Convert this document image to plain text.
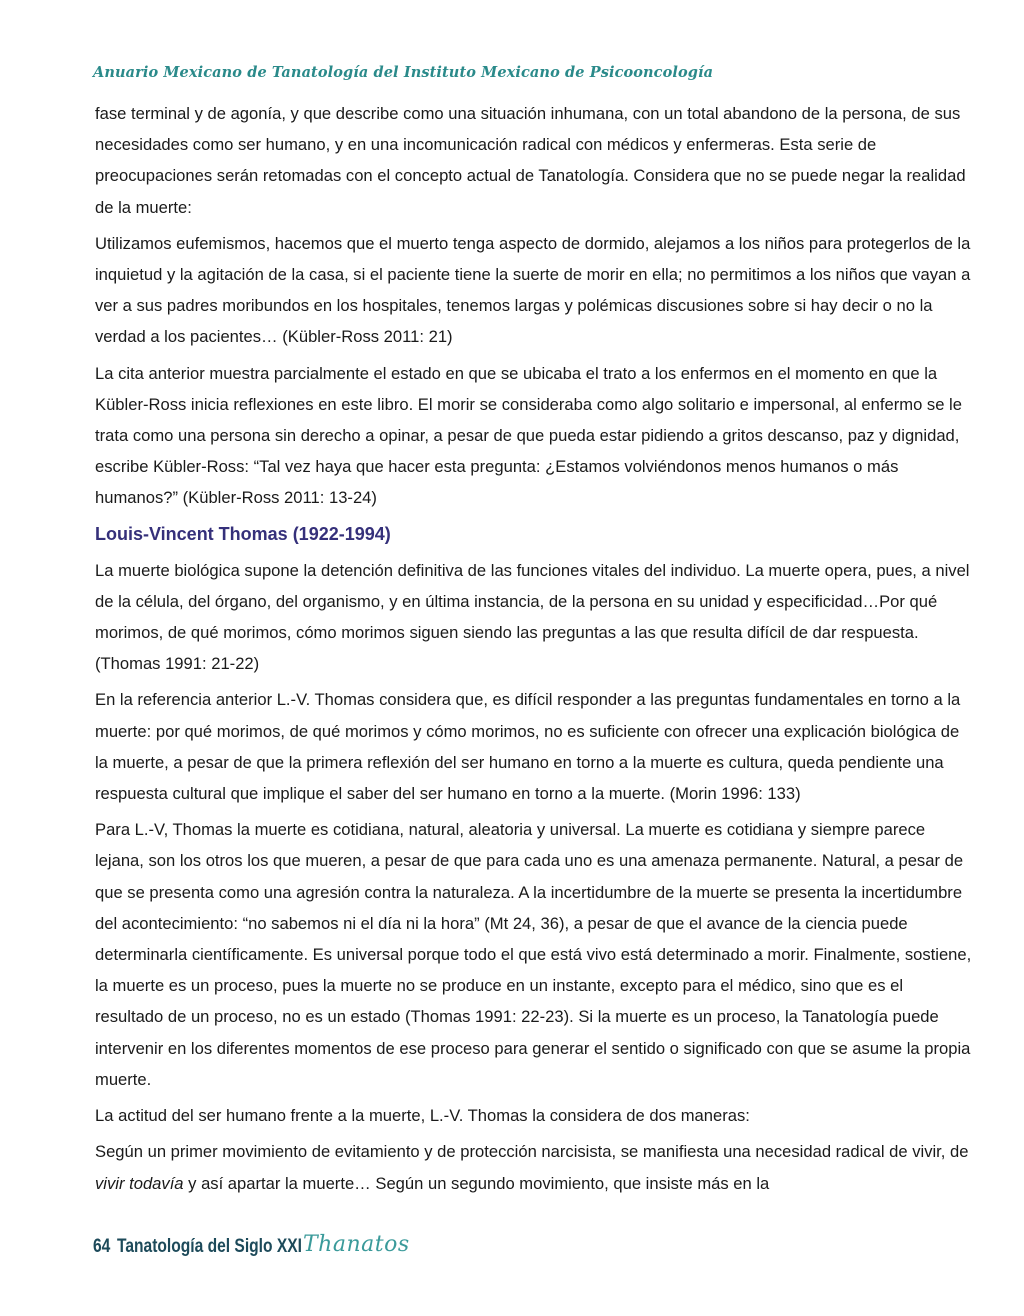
Anuario Mexicano de Tanatología del Instituto Mexicano de Psicooncología

fase terminal y de agonía, y que describe como una situación inhumana, con un total abandono de la persona, de sus necesidades como ser humano, y en una incomunicación radical con médicos y enfermeras. Esta serie de preocupaciones serán retomadas con el concepto actual de Tanatología. Considera que no se puede negar la realidad de la muerte:

Utilizamos eufemismos, hacemos que el muerto tenga aspecto de dormido, alejamos a los niños para protegerlos de la inquietud y la agitación de la casa, si el paciente tiene la suerte de morir en ella; no permitimos a los niños que vayan a ver a sus padres moribundos en los hospitales, tenemos largas y polémicas discusiones sobre si hay decir o no la verdad a los pacientes… (Kübler-Ross 2011: 21)

La cita anterior muestra parcialmente el estado en que se ubicaba el trato a los enfermos en el momento en que la Kübler-Ross inicia reflexiones en este libro. El morir se consideraba como algo solitario e impersonal, al enfermo se le trata como una persona sin derecho a opinar, a pesar de que pueda estar pidiendo a gritos descanso, paz y dignidad, escribe Kübler-Ross: “Tal vez haya que hacer esta pregunta: ¿Estamos volviéndonos menos humanos o más humanos?” (Kübler-Ross 2011: 13-24)

Louis-Vincent Thomas (1922-1994)

La muerte biológica supone la detención definitiva de las funciones vitales del individuo. La muerte opera, pues, a nivel de la célula, del órgano, del organismo, y en última instancia, de la persona en su unidad y especificidad…Por qué morimos, de qué morimos, cómo morimos siguen siendo las preguntas a las que resulta difícil de dar respuesta. (Thomas 1991: 21-22)

En la referencia anterior L.-V. Thomas considera que, es difícil responder a las preguntas fundamentales en torno a la muerte: por qué morimos, de qué morimos y cómo morimos, no es suficiente con ofrecer una explicación biológica de la muerte, a pesar de que la primera reflexión del ser humano en torno a la muerte es cultura, queda pendiente una respuesta cultural que implique el saber del ser humano en torno a la muerte. (Morin 1996: 133)

Para L.-V, Thomas la muerte es cotidiana, natural, aleatoria y universal. La muerte es cotidiana y siempre parece lejana, son los otros los que mueren, a pesar de que para cada uno es una amenaza permanente. Natural, a pesar de que se presenta como una agresión contra la naturaleza. A la incertidumbre de la muerte se presenta la incertidumbre del acontecimiento: “no sabemos ni el día ni la hora” (Mt 24, 36), a pesar de que el avance de la ciencia puede determinarla científicamente. Es universal porque todo el que está vivo está determinado a morir. Finalmente, sostiene, la muerte es un proceso, pues la muerte no se produce en un instante, excepto para el médico, sino que es el resultado de un proceso, no es un estado (Thomas 1991: 22-23). Si la muerte es un proceso, la Tanatología puede intervenir en los diferentes momentos de ese proceso para generar el sentido o significado con que se asume la propia muerte.

La actitud del ser humano frente a la muerte, L.-V. Thomas la considera de dos maneras:

Según un primer movimiento de evitamiento y de protección narcisista, se manifiesta una necesidad radical de vivir, de vivir todavía y así apartar la muerte… Según un segundo movimiento, que insiste más en la

64 Tanatología del Siglo XXI Thanatos
